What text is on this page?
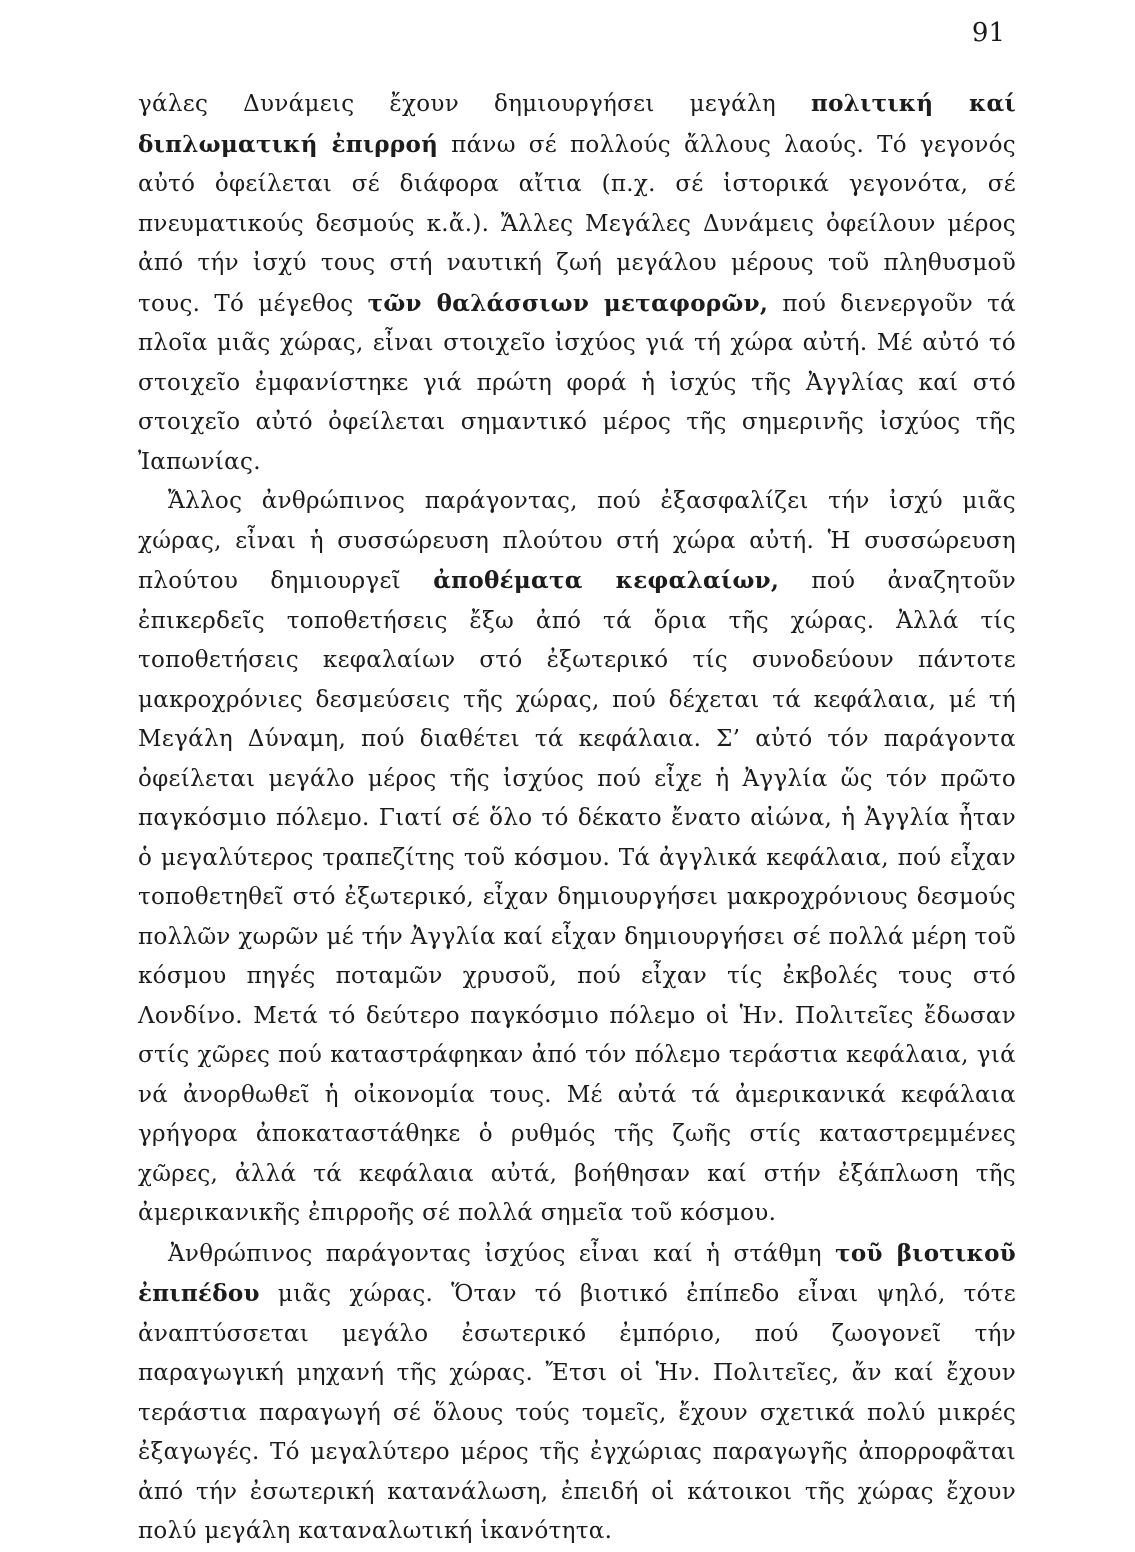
91

γάλες Δυνάμεις ἔχουν δημιουργήσει μεγάλη πολιτική καί διπλωματική ἐπιρροή πάνω σέ πολλούς ἄλλους λαούς. Τό γεγονός αὐτό ὀφείλεται σέ διάφορα αἴτια (π.χ. σέ ἱστορικά γεγονότα, σέ πνευματικούς δεσμούς κ.ἄ.). Ἄλλες Μεγάλες Δυνάμεις ὀφείλουν μέρος ἀπό τήν ἰσχύ τους στή ναυτική ζωή μεγάλου μέρους τοῦ πληθυσμοῦ τους. Τό μέγεθος τῶν θαλάσσιων μεταφορῶν, πού διενεργοῦν τά πλοῖα μιᾶς χώρας, εἶναι στοιχεῖο ἰσχύος γιά τή χώρα αὐτή. Μέ αὐτό τό στοιχεῖο ἐμφανίστηκε γιά πρώτη φορά ἡ ἰσχύς τῆς Ἀγγλίας καί στό στοιχεῖο αὐτό ὀφείλεται σημαντικό μέρος τῆς σημερινῆς ἰσχύος τῆς Ἰαπωνίας.

Ἄλλος ἀνθρώπινος παράγοντας, πού ἐξασφαλίζει τήν ἰσχύ μιᾶς χώρας, εἶναι ἡ συσσώρευση πλούτου στή χώρα αὐτή. Ἡ συσσώρευση πλούτου δημιουργεῖ ἀποθέματα κεφαλαίων, πού ἀναζητοῦν ἐπικερδεῖς τοποθετήσεις ἔξω ἀπό τά ὅρια τῆς χώρας. Ἀλλά τίς τοποθετήσεις κεφαλαίων στό ἐξωτερικό τίς συνοδεύουν πάντοτε μακροχρόνιες δεσμεύσεις τῆς χώρας, πού δέχεται τά κεφάλαια, μέ τή Μεγάλη Δύναμη, πού διαθέτει τά κεφάλαια. Σ’ αὐτό τόν παράγοντα ὀφείλεται μεγάλο μέρος τῆς ἰσχύος πού εἶχε ἡ Ἀγγλία ὥς τόν πρῶτο παγκόσμιο πόλεμο. Γιατί σέ ὅλο τό δέκατο ἔνατο αἰώνα, ἡ Ἀγγλία ἦταν ὁ μεγαλύτερος τραπεζίτης τοῦ κόσμου. Τά ἀγγλικά κεφάλαια, πού εἶχαν τοποθετηθεῖ στό ἐξωτερικό, εἶχαν δημιουργήσει μακροχρόνιους δεσμούς πολλῶν χωρῶν μέ τήν Ἀγγλία καί εἶχαν δημιουργήσει σέ πολλά μέρη τοῦ κόσμου πηγές ποταμῶν χρυσοῦ, πού εἶχαν τίς ἐκβολές τους στό Λονδίνο. Μετά τό δεύτερο παγκόσμιο πόλεμο οἱ Ἡν. Πολιτεῖες ἔδωσαν στίς χῶρες πού καταστράφηκαν ἀπό τόν πόλεμο τεράστια κεφάλαια, γιά νά ἀνορθωθεῖ ἡ οἰκονομία τους. Μέ αὐτά τά ἀμερικανικά κεφάλαια γρήγορα ἀποκαταστάθηκε ὁ ρυθμός τῆς ζωῆς στίς καταστρεμμένες χῶρες, ἀλλά τά κεφάλαια αὐτά, βοήθησαν καί στήν ἐξάπλωση τῆς ἀμερικανικῆς ἐπιρροῆς σέ πολλά σημεῖα τοῦ κόσμου.

Ἀνθρώπινος παράγοντας ἰσχύος εἶναι καί ἡ στάθμη τοῦ βιοτικοῦ ἐπιπέδου μιᾶς χώρας. Ὅταν τό βιοτικό ἐπίπεδο εἶναι ψηλό, τότε ἀναπτύσσεται μεγάλο ἐσωτερικό ἐμπόριο, πού ζωογονεῖ τήν παραγωγική μηχανή τῆς χώρας. Ἔτσι οἱ Ἡν. Πολιτεῖες, ἄν καί ἔχουν τεράστια παραγωγή σέ ὅλους τούς τομεῖς, ἔχουν σχετικά πολύ μικρές ἐξαγωγές. Τό μεγαλύτερο μέρος τῆς ἐγχώριας παραγωγῆς ἀπορροφᾶται ἀπό τήν ἐσωτερική κατανάλωση, ἐπειδή οἱ κάτοικοι τῆς χώρας ἔχουν πολύ μεγάλη καταναλωτική ἱκανότητα.
